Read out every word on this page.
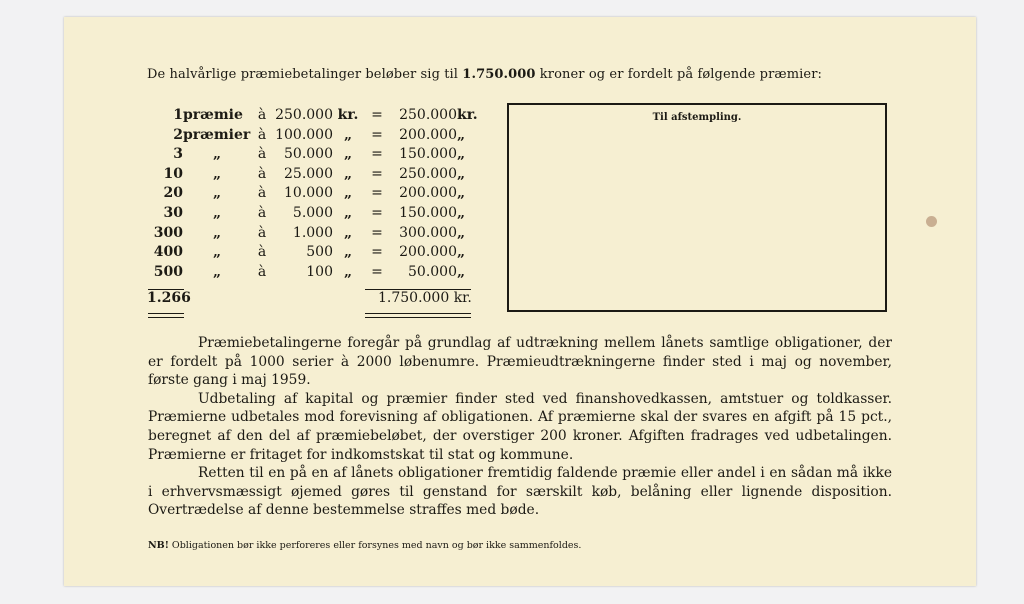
De halvårlige præmiebetalinger beløber sig til 1.750.000 kroner og er fordelt på følgende præmier:
1	præmie	à	250.000	kr.	=	250.000	kr.
2	præmier	à	100.000	„	=	200.000	„
3	„	à	50.000	„	=	150.000	„
10	„	à	25.000	„	=	250.000	„
20	„	à	10.000	„	=	200.000	„
30	„	à	5.000	„	=	150.000	„
300	„	à	1.000	„	=	300.000	„
400	„	à	500	„	=	200.000	„
500	„	à	100	„	=	50.000	„
1.266	1.750.000 kr.
Til afstempling.

Præmiebetalingerne foregår på grundlag af udtrækning mellem lånets samtlige obligationer, der er fordelt på 1000 serier à 2000 løbenumre. Præmieudtrækningerne finder sted i maj og november, første gang i maj 1959.

Udbetaling af kapital og præmier finder sted ved finanshovedkassen, amtstuer og toldkasser. Præmierne udbetales mod forevisning af obligationen. Af præmierne skal der svares en afgift på 15 pct., beregnet af den del af præmiebeløbet, der overstiger 200 kroner. Afgiften fradrages ved udbetalingen. Præmierne er fritaget for indkomstskat til stat og kommune.

Retten til en på en af lånets obligationer fremtidig faldende præmie eller andel i en sådan må ikke i erhvervsmæssigt øjemed gøres til genstand for særskilt køb, belåning eller lignende disposition. Overtrædelse af denne bestemmelse straffes med bøde.

NB! Obligationen bør ikke perforeres eller forsynes med navn og bør ikke sammenfoldes.
